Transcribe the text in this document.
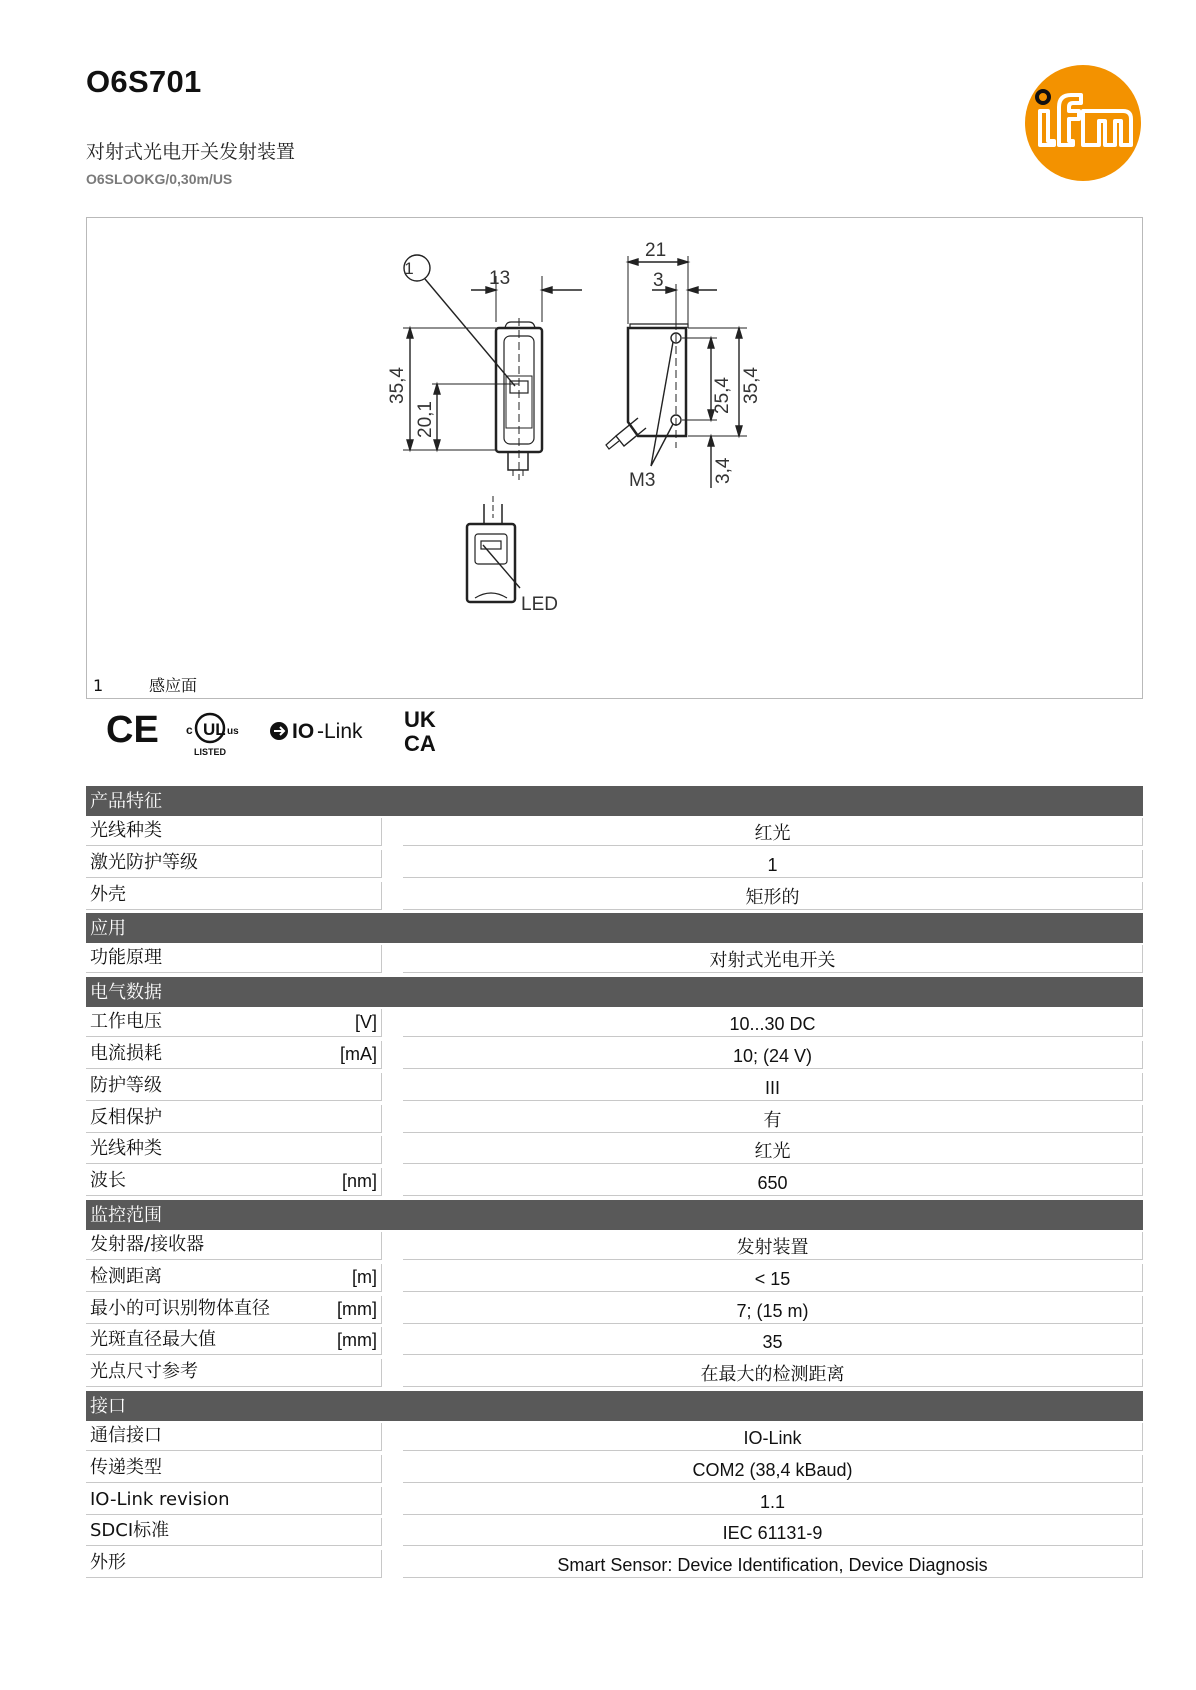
O6S701
对射式光电开关发射装置
O6SLOOKG/0,30m/US
13
1
35,4
20,1
21
3
25,4 35,4
3,4
M3
LED
1	感应面
CE	UL
c	us
LISTED
IO -Link UK
CA
产品特征
光线种类	红光
激光防护等级	1
外壳	矩形的
应用
功能原理	对射式光电开关
电气数据
工作电压	[V]	10...30 DC
电流损耗	[mA]	10; (24 V)
防护等级	III
反相保护	有
光线种类	红光
波长	[nm]	650
监控范围
发射器/接收器	发射装置
检测距离	[m]	< 15
最小的可识别物体直径	[mm]	7; (15 m)
光斑直径最大值	[mm]	35
光点尺寸参考	在最大的检测距离
接口
通信接口	IO-Link
传递类型	COM2 (38,4 kBaud)
IO-Link revision	1.1
SDCI标准	IEC 61131-9
外形	Smart Sensor: Device Identification, Device Diagnosis
